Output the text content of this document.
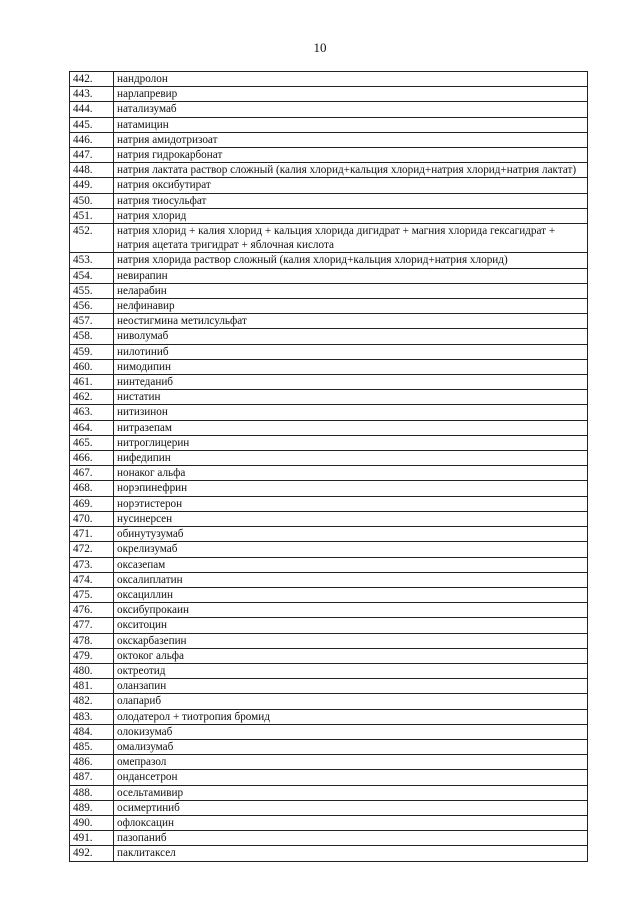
10
442.	нандролон
443.	нарлапревир
444.	натализумаб
445.	натамицин
446.	натрия амидотризоат
447.	натрия гидрокарбонат
448.	натрия лактата раствор сложный (калия хлорид+кальция хлорид+натрия хлорид+натрия лактат)
449.	натрия оксибутират
450.	натрия тиосульфат
451.	натрия хлорид
452.	натрия хлорид + калия хлорид + кальция хлорида дигидрат + магния хлорида гексагидрат + натрия ацетата тригидрат + яблочная кислота
453.	натрия хлорида раствор сложный (калия хлорид+кальция хлорид+натрия хлорид)
454.	невирапин
455.	неларабин
456.	нелфинавир
457.	неостигмина метилсульфат
458.	ниволумаб
459.	нилотиниб
460.	нимодипин
461.	нинтеданиб
462.	нистатин
463.	нитизинон
464.	нитразепам
465.	нитроглицерин
466.	нифедипин
467.	нонаког альфа
468.	норэпинефрин
469.	норэтистерон
470.	нусинерсен
471.	обинутузумаб
472.	окрелизумаб
473.	оксазепам
474.	оксалиплатин
475.	оксациллин
476.	оксибупрокаин
477.	окситоцин
478.	окскарбазепин
479.	октоког альфа
480.	октреотид
481.	оланзапин
482.	олапариб
483.	олодатерол + тиотропия бромид
484.	олокизумаб
485.	омализумаб
486.	омепразол
487.	ондансетрон
488.	осельтамивир
489.	осимертиниб
490.	офлоксацин
491.	пазопаниб
492.	паклитаксел
